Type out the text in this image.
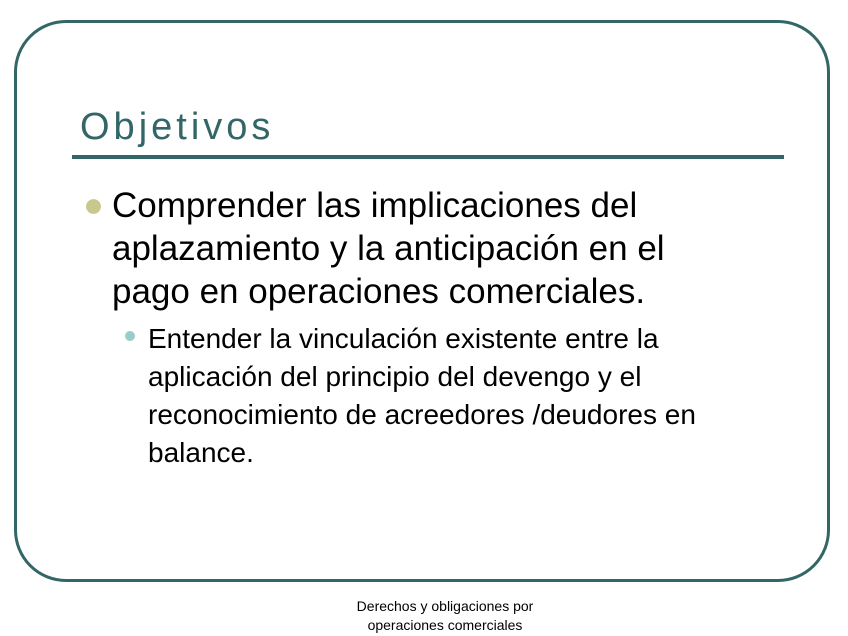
Objetivos

Comprender las implicaciones del aplazamiento y la anticipación en el pago en operaciones comerciales.

Entender la vinculación existente entre la aplicación del principio del devengo y el reconocimiento de acreedores /deudores en balance.

Derechos y obligaciones por operaciones comerciales
